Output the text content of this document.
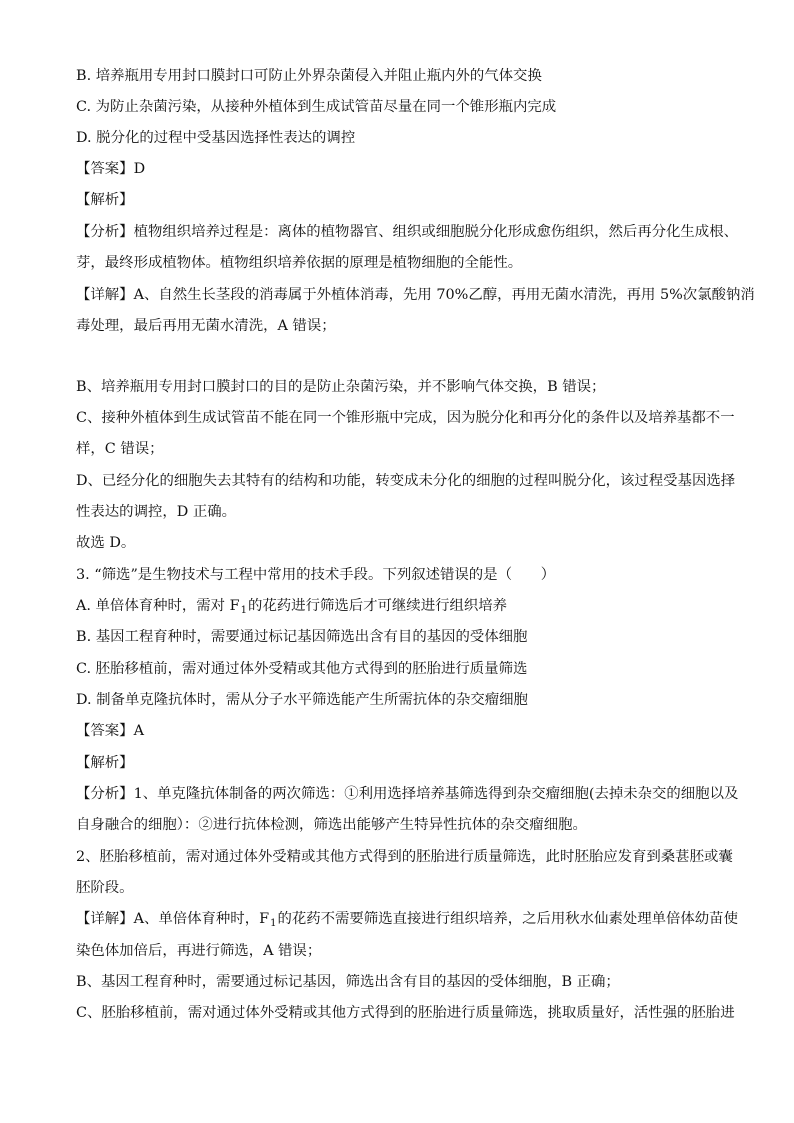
B. 培养瓶用专用封口膜封口可防止外界杂菌侵入并阻止瓶内外的气体交换
C. 为防止杂菌污染，从接种外植体到生成试管苗尽量在同一个锥形瓶内完成
D. 脱分化的过程中受基因选择性表达的调控
【答案】D
【解析】
【分析】植物组织培养过程是：离体的植物器官、组织或细胞脱分化形成愈伤组织，然后再分化生成根、
芽，最终形成植物体。植物组织培养依据的原理是植物细胞的全能性。
【详解】A、自然生长茎段的消毒属于外植体消毒，先用 70%乙醇，再用无菌水清洗，再用 5%次氯酸钠消
毒处理，最后再用无菌水清洗，A 错误；
B、培养瓶用专用封口膜封口的目的是防止杂菌污染，并不影响气体交换，B 错误；
C、接种外植体到生成试管苗不能在同一个锥形瓶中完成，因为脱分化和再分化的条件以及培养基都不一
样，C 错误；
D、已经分化的细胞失去其特有的结构和功能，转变成未分化的细胞的过程叫脱分化，该过程受基因选择
性表达的调控，D 正确。
故选 D。
3. “筛选”是生物技术与工程中常用的技术手段。下列叙述错误的是（　　）
A. 单倍体育种时，需对 $F_1$的花药进行筛选后才可继续进行组织培养
B. 基因工程育种时，需要通过标记基因筛选出含有目的基因的受体细胞
C. 胚胎移植前，需对通过体外受精或其他方式得到的胚胎进行质量筛选
D. 制备单克隆抗体时，需从分子水平筛选能产生所需抗体的杂交瘤细胞
【答案】A
【解析】
【分析】1、单克隆抗体制备的两次筛选：①利用选择培养基筛选得到杂交瘤细胞(去掉未杂交的细胞以及
自身融合的细胞）：②进行抗体检测，筛选出能够产生特异性抗体的杂交瘤细胞。
2、胚胎移植前，需对通过体外受精或其他方式得到的胚胎进行质量筛选，此时胚胎应发育到桑葚胚或囊
胚阶段。
【详解】A、单倍体育种时，$F_1$的花药不需要筛选直接进行组织培养，之后用秋水仙素处理单倍体幼苗使
染色体加倍后，再进行筛选，A 错误；
B、基因工程育种时，需要通过标记基因，筛选出含有目的基因的受体细胞，B 正确；
C、胚胎移植前，需对通过体外受精或其他方式得到的胚胎进行质量筛选，挑取质量好，活性强的胚胎进
